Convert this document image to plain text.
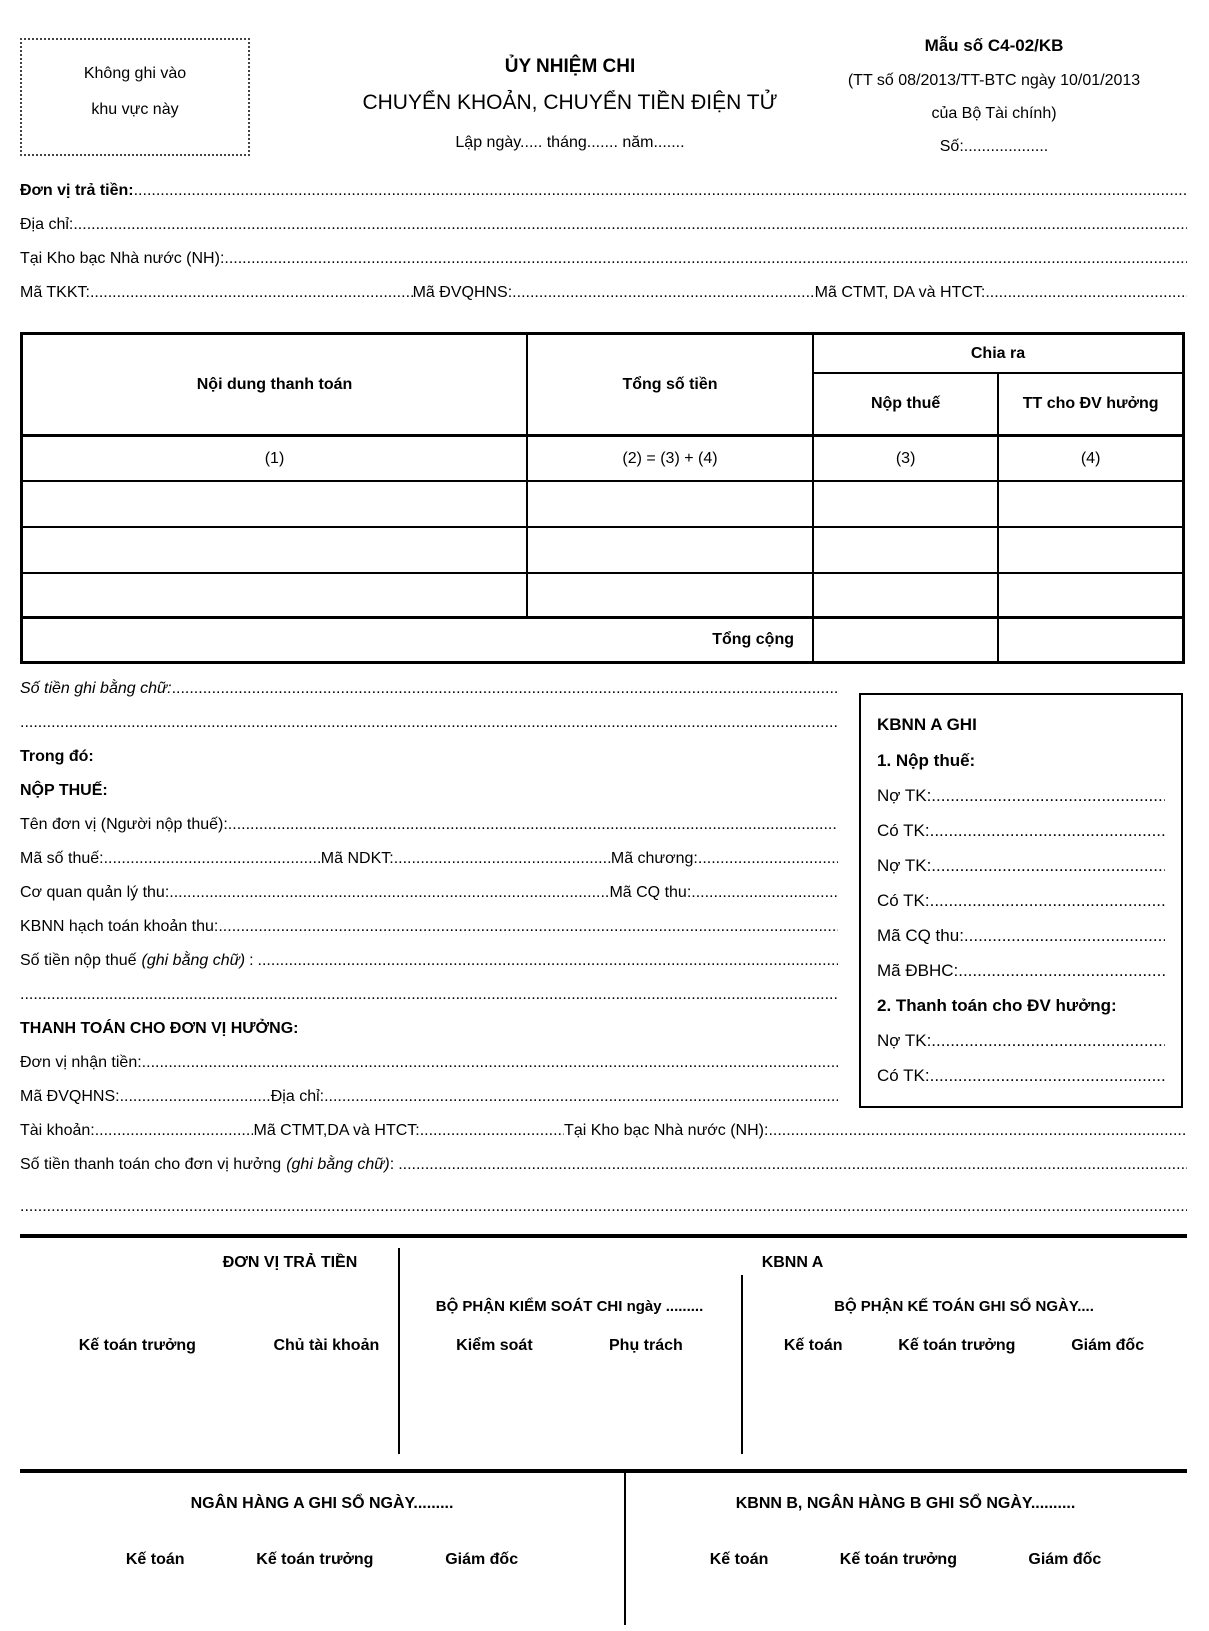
Không ghi vào
khu vực này
ỦY NHIỆM CHI
CHUYỂN KHOẢN, CHUYỂN TIỀN ĐIỆN TỬ
Lập ngày..... tháng....... năm.......
Mẫu số C4-02/KB
(TT số 08/2013/TT-BTC ngày 10/01/2013
của Bộ Tài chính)
Số:...................
Đơn vị trả tiền:
.....
Địa chỉ:
.....
Tại Kho bạc Nhà nước (NH):
.....
Mã TKKT: .....	Mã ĐVQHNS: .....	Mã CTMT, DA và HTCT:
.....
Nội dung thanh toán	Tổng số tiền	Chia ra	
		Nộp thuế	TT cho ĐV hưởng
(1)	(2) = (3) + (4)	(3)	(4)

Tổng cộng			
Số tiền ghi bằng chữ:
.....
.....
Trong đó:
NỘP THUẾ:
Tên đơn vị (Người nộp thuế):
.....
Mã số thuế: .....	Mã NDKT: .....	Mã chương:
.....
Cơ quan quản lý thu: .....	Mã CQ thu:
.....
KBNN hạch toán khoản thu:
.....
Số tiền nộp thuế (ghi bằng chữ) :
.....
.....
THANH TOÁN CHO ĐƠN VỊ HƯỞNG:
Đơn vị nhận tiền:
.....
Mã ĐVQHNS: .....	Địa chỉ:
.....
Tài khoản: .....	Mã CTMT,DA và HTCT: .....	Tại Kho bạc Nhà nước (NH):
.....
Số tiền thanh toán cho đơn vị hưởng (ghi bằng chữ) :
.....
.....
KBNN A GHI
1. Nộp thuế:
Nợ TK:
.....
Có TK:
.....
Nợ TK:
.....
Có TK:
.....
Mã CQ thu:
.....
Mã ĐBHC:
.....
2. Thanh toán cho ĐV hưởng:
Nợ TK:
.....
Có TK:
.....
ĐƠN VỊ TRẢ TIỀN	KBNN A
BỘ PHẬN KIỂM SOÁT CHI ngày .........	BỘ PHẬN KẾ TOÁN GHI SỔ NGÀY....
Kế toán trưởng	Chủ tài khoản	Kiểm soát	Phụ trách	Kế toán	Kế toán trưởng	Giám đốc
NGÂN HÀNG A GHI SỔ NGÀY.........	KBNN B, NGÂN HÀNG B GHI SỔ NGÀY..........
Kế toán	Kế toán trưởng	Giám đốc	Kế toán	Kế toán trưởng	Giám đốc
